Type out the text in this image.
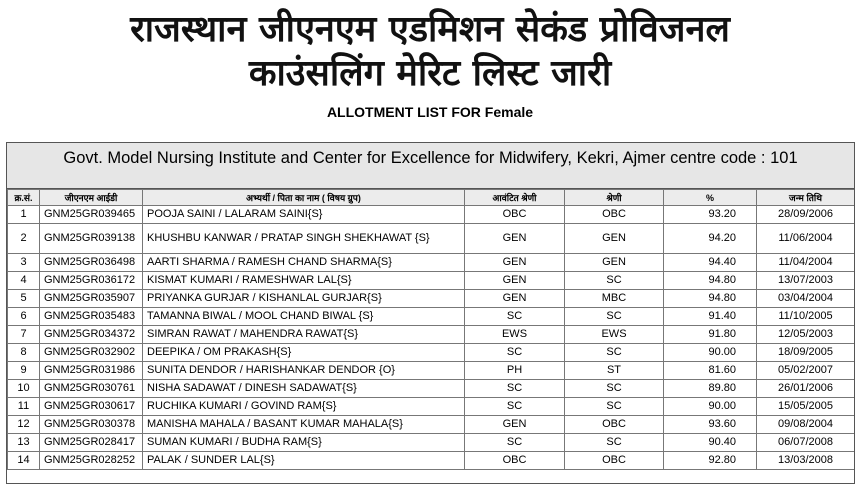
राजस्थान जीएनएम एडमिशन सेकंड प्रोविजनल
काउंसलिंग मेरिट लिस्ट जारी
ALLOTMENT LIST FOR Female
Govt. Model Nursing Institute and Center for Excellence for Midwifery, Kekri, Ajmer centre code : 101
क्र.सं.	जीएनएम आईडी	अभ्यर्थी / पिता का नाम ( विषय ग्रुप)	आवंटित श्रेणी	श्रेणी	%	जन्म तिथि
1	GNM25GR039465	POOJA SAINI / LALARAM SAINI{S}	OBC	OBC	93.20	28/09/2006
2	GNM25GR039138	KHUSHBU KANWAR / PRATAP SINGH SHEKHAWAT {S}	GEN	GEN	94.20	11/06/2004
3	GNM25GR036498	AARTI SHARMA / RAMESH CHAND SHARMA{S}	GEN	GEN	94.40	11/04/2004
4	GNM25GR036172	KISMAT KUMARI / RAMESHWAR LAL{S}	GEN	SC	94.80	13/07/2003
5	GNM25GR035907	PRIYANKA GURJAR / KISHANLAL GURJAR{S}	GEN	MBC	94.80	03/04/2004
6	GNM25GR035483	TAMANNA BIWAL / MOOL CHAND BIWAL {S}	SC	SC	91.40	11/10/2005
7	GNM25GR034372	SIMRAN RAWAT / MAHENDRA RAWAT{S}	EWS	EWS	91.80	12/05/2003
8	GNM25GR032902	DEEPIKA / OM PRAKASH{S}	SC	SC	90.00	18/09/2005
9	GNM25GR031986	SUNITA DENDOR / HARISHANKAR DENDOR {O}	PH	ST	81.60	05/02/2007
10	GNM25GR030761	NISHA SADAWAT / DINESH SADAWAT{S}	SC	SC	89.80	26/01/2006
11	GNM25GR030617	RUCHIKA KUMARI / GOVIND RAM{S}	SC	SC	90.00	15/05/2005
12	GNM25GR030378	MANISHA MAHALA / BASANT KUMAR MAHALA{S}	GEN	OBC	93.60	09/08/2004
13	GNM25GR028417	SUMAN KUMARI / BUDHA RAM{S}	SC	SC	90.40	06/07/2008
14	GNM25GR028252	PALAK / SUNDER LAL{S}	OBC	OBC	92.80	13/03/2008
